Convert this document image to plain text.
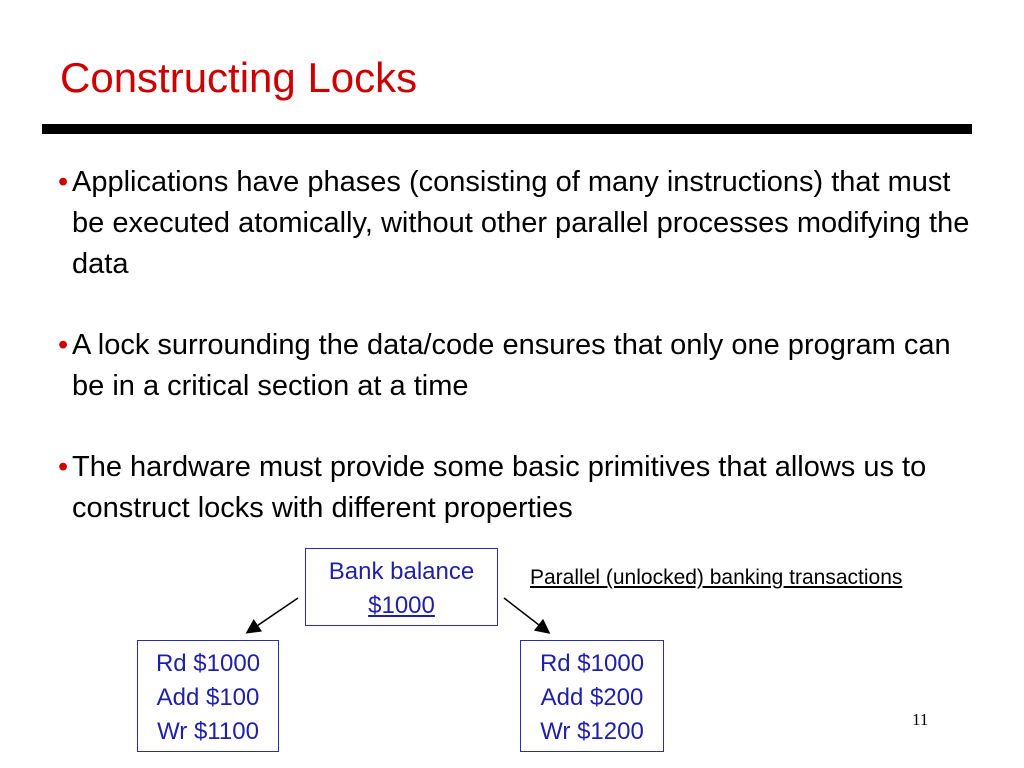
Constructing Locks
• Applications have phases (consisting of many instructions) that must be executed atomically, without other parallel processes modifying the data
• A lock surrounding the data/code ensures that only one program can be in a critical section at a time
• The hardware must provide some basic primitives that allows us to construct locks with different properties
Bank balance
$1000
Parallel (unlocked) banking transactions
Rd $1000
Add $100
Wr $1100
Rd $1000
Add $200
Wr $1200	11
